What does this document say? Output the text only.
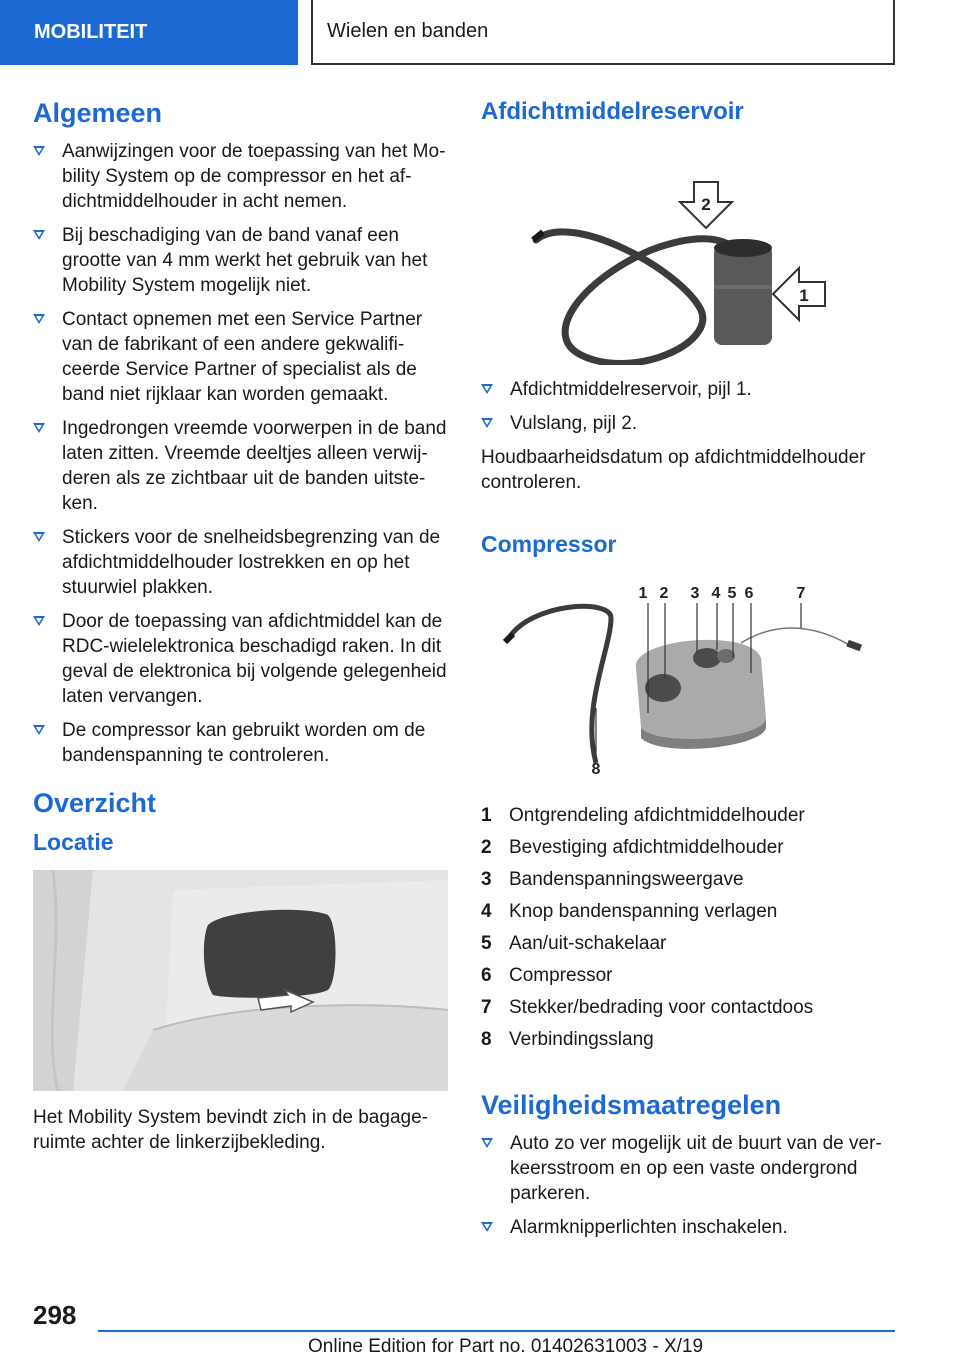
MOBILITEIT	Wielen en banden
Algemeen
Aanwijzingen voor de toepassing van het Mo-bility System op de compressor en het af-dichtmiddelhouder in acht nemen.
Bij beschadiging van de band vanaf een grootte van 4 mm werkt het gebruik van het Mobility System mogelijk niet.
Contact opnemen met een Service Partner van de fabrikant of een andere gekwalifi-ceerde Service Partner of specialist als de band niet rijklaar kan worden gemaakt.
Ingedrongen vreemde voorwerpen in de band laten zitten. Vreemde deeltjes alleen verwij-deren als ze zichtbaar uit de banden uitste-ken.
Stickers voor de snelheidsbegrenzing van de afdichtmiddelhouder lostrekken en op het stuurwiel plakken.
Door de toepassing van afdichtmiddel kan de RDC-wielelektronica beschadigd raken. In dit geval de elektronica bij volgende gelegenheid laten vervangen.
De compressor kan gebruikt worden om de bandenspanning te controleren.
Overzicht
Locatie

Het Mobility System bevindt zich in de bagage-ruimte achter de linkerzijbekleding.

Afdichtmiddelreservoir
2
1
Afdichtmiddelreservoir, pijl 1.
Vulslang, pijl 2.

Houdbaarheidsdatum op afdichtmiddelhouder controleren.

Compressor
1 2 3 4 5 6	7
8
1 Ontgrendeling afdichtmiddelhouder
2 Bevestiging afdichtmiddelhouder
3 Bandenspanningsweergave
4 Knop bandenspanning verlagen
5 Aan/uit-schakelaar
6 Compressor
7 Stekker/bedrading voor contactdoos
8 Verbindingsslang
Veiligheidsmaatregelen
Auto zo ver mogelijk uit de buurt van de ver-keersstroom en op een vaste ondergrond parkeren.
Alarmknipperlichten inschakelen.
298
Online Edition for Part no. 01402631003 - X/19
